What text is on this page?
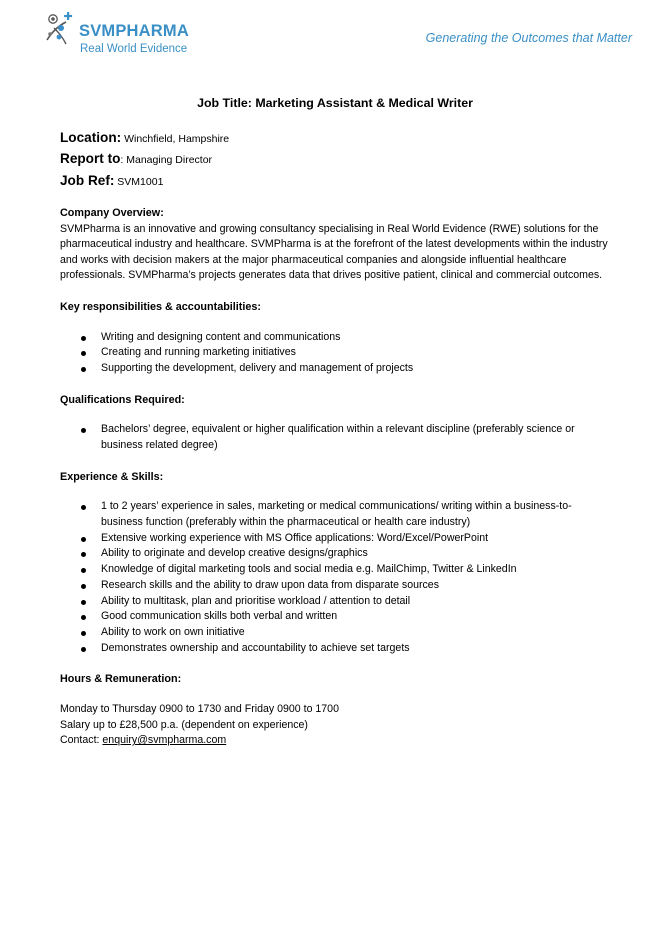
SVMPHARMA
Real World Evidence
Generating the Outcomes that Matter
Job Title: Marketing Assistant & Medical Writer
Location: Winchfield, Hampshire
Report to: Managing Director
Job Ref: SVM1001
Company Overview:

SVMPharma is an innovative and growing consultancy specialising in Real World Evidence (RWE) solutions for the pharmaceutical industry and healthcare. SVMPharma is at the forefront of the latest developments within the industry and works with decision makers at the major pharmaceutical companies and alongside influential healthcare professionals. SVMPharma’s projects generates data that drives positive patient, clinical and commercial outcomes.

Key responsibilities & accountabilities:
Writing and designing content and communications
Creating and running marketing initiatives
Supporting the development, delivery and management of projects
Qualifications Required:
Bachelors’ degree, equivalent or higher qualification within a relevant discipline (preferably science or business related degree)
Experience & Skills:
1 to 2 years’ experience in sales, marketing or medical communications/ writing within a business-to-business function (preferably within the pharmaceutical or health care industry)
Extensive working experience with MS Office applications: Word/Excel/PowerPoint
Ability to originate and develop creative designs/graphics
Knowledge of digital marketing tools and social media e.g. MailChimp, Twitter & LinkedIn
Research skills and the ability to draw upon data from disparate sources
Ability to multitask, plan and prioritise workload / attention to detail
Good communication skills both verbal and written
Ability to work on own initiative
Demonstrates ownership and accountability to achieve set targets
Hours & Remuneration:
Monday to Thursday 0900 to 1730 and Friday 0900 to 1700
Salary up to £28,500 p.a. (dependent on experience)
Contact: enquiry@svmpharma.com
